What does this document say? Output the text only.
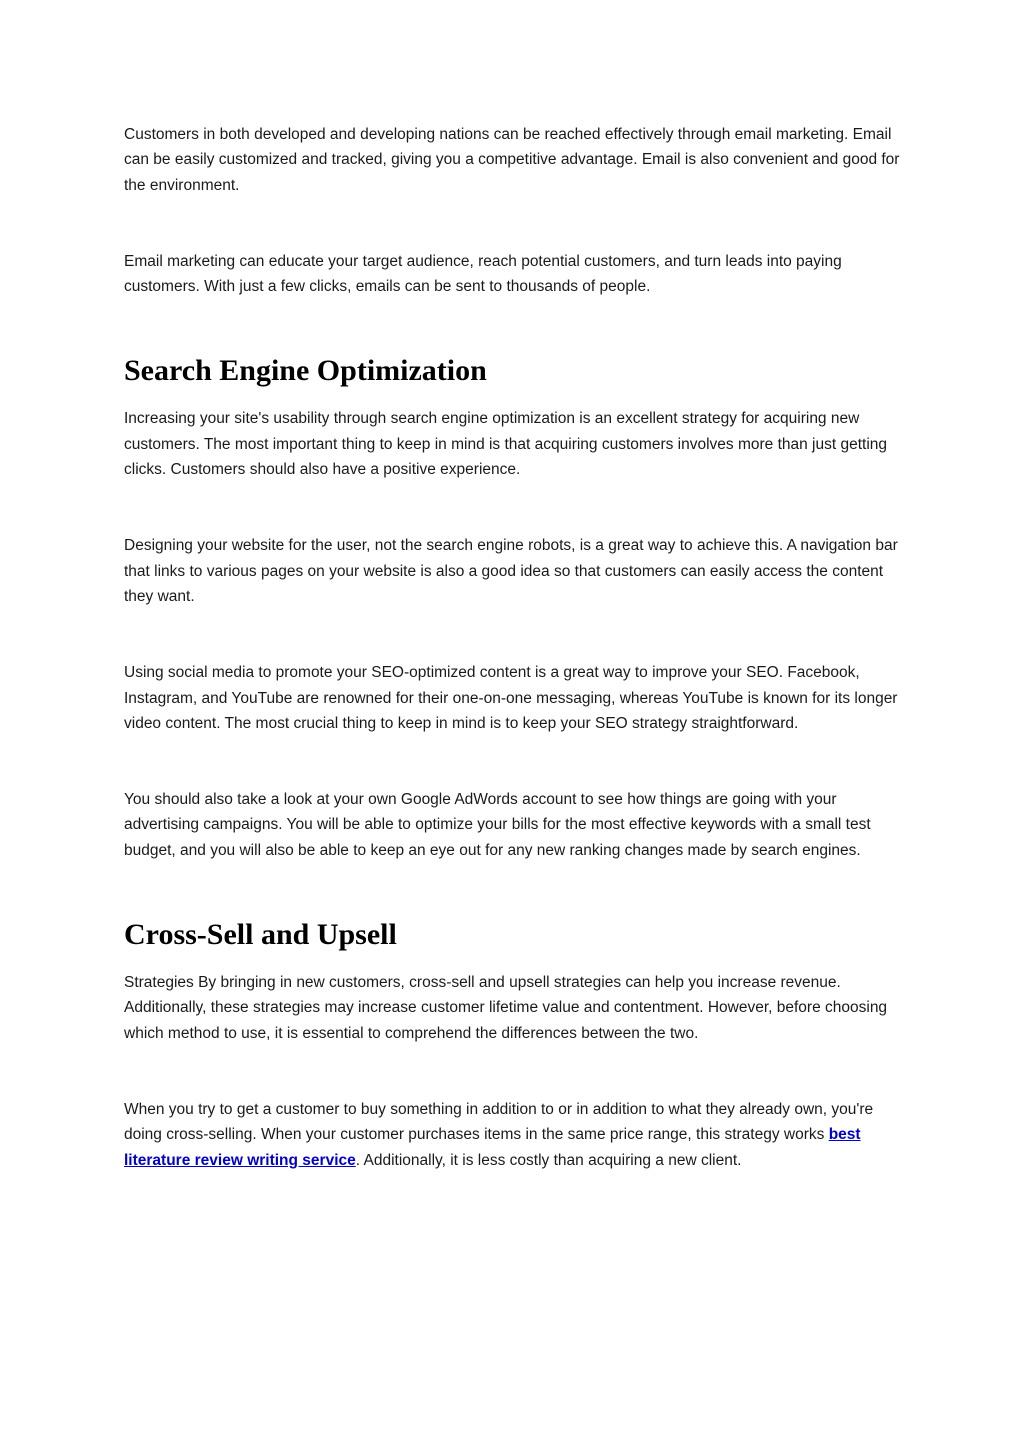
Customers in both developed and developing nations can be reached effectively through email marketing. Email can be easily customized and tracked, giving you a competitive advantage. Email is also convenient and good for the environment.

Email marketing can educate your target audience, reach potential customers, and turn leads into paying customers. With just a few clicks, emails can be sent to thousands of people.

Search Engine Optimization

Increasing your site's usability through search engine optimization is an excellent strategy for acquiring new customers. The most important thing to keep in mind is that acquiring customers involves more than just getting clicks. Customers should also have a positive experience.

Designing your website for the user, not the search engine robots, is a great way to achieve this. A navigation bar that links to various pages on your website is also a good idea so that customers can easily access the content they want.

Using social media to promote your SEO-optimized content is a great way to improve your SEO. Facebook, Instagram, and YouTube are renowned for their one-on-one messaging, whereas YouTube is known for its longer video content. The most crucial thing to keep in mind is to keep your SEO strategy straightforward.

You should also take a look at your own Google AdWords account to see how things are going with your advertising campaigns. You will be able to optimize your bills for the most effective keywords with a small test budget, and you will also be able to keep an eye out for any new ranking changes made by search engines.

Cross-Sell and Upsell

Strategies By bringing in new customers, cross-sell and upsell strategies can help you increase revenue. Additionally, these strategies may increase customer lifetime value and contentment. However, before choosing which method to use, it is essential to comprehend the differences between the two.

When you try to get a customer to buy something in addition to or in addition to what they already own, you're doing cross-selling. When your customer purchases items in the same price range, this strategy works best literature review writing service. Additionally, it is less costly than acquiring a new client.
